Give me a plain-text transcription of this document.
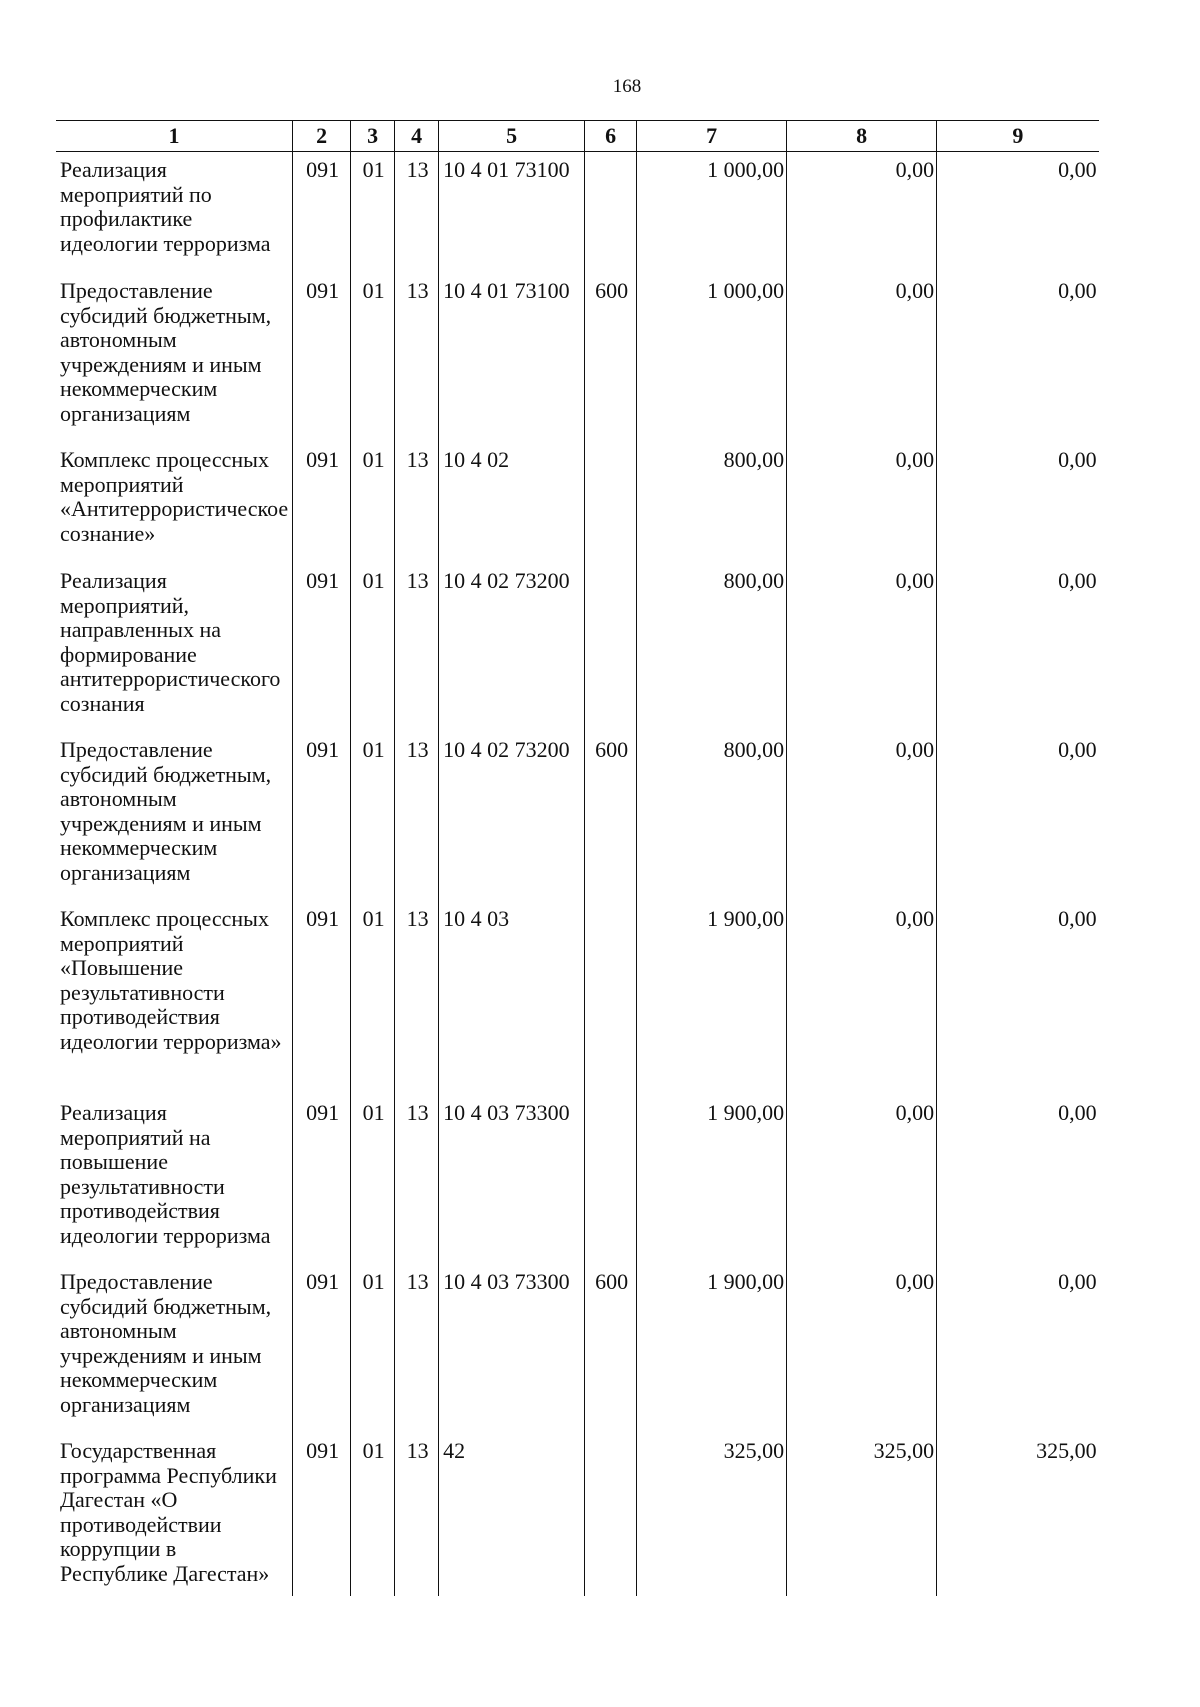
168
1	2	3	4	5	6	7	8	9
Реализация мероприятий по профилактике идеологии терроризма	091	01	13	10 4 01 73100		1 000,00	0,00	0,00
Предоставление субсидий бюджетным, автономным учреждениям и иным некоммерческим организациям	091	01	13	10 4 01 73100	600	1 000,00	0,00	0,00
Комплекс процессных мероприятий «Антитеррористическое сознание»	091	01	13	10 4 02		800,00	0,00	0,00
Реализация мероприятий, направленных на формирование антитеррористического сознания	091	01	13	10 4 02 73200		800,00	0,00	0,00
Предоставление субсидий бюджетным, автономным учреждениям и иным некоммерческим организациям	091	01	13	10 4 02 73200	600	800,00	0,00	0,00
Комплекс процессных мероприятий «Повышение результативности противодействия идеологии терроризма»	091	01	13	10 4 03		1 900,00	0,00	0,00
Реализация мероприятий на повышение результативности противодействия идеологии терроризма	091	01	13	10 4 03 73300		1 900,00	0,00	0,00
Предоставление субсидий бюджетным, автономным учреждениям и иным некоммерческим организациям	091	01	13	10 4 03 73300	600	1 900,00	0,00	0,00
Государственная программа Республики Дагестан «О противодействии коррупции в Республике Дагестан»	091	01	13	42		325,00	325,00	325,00
